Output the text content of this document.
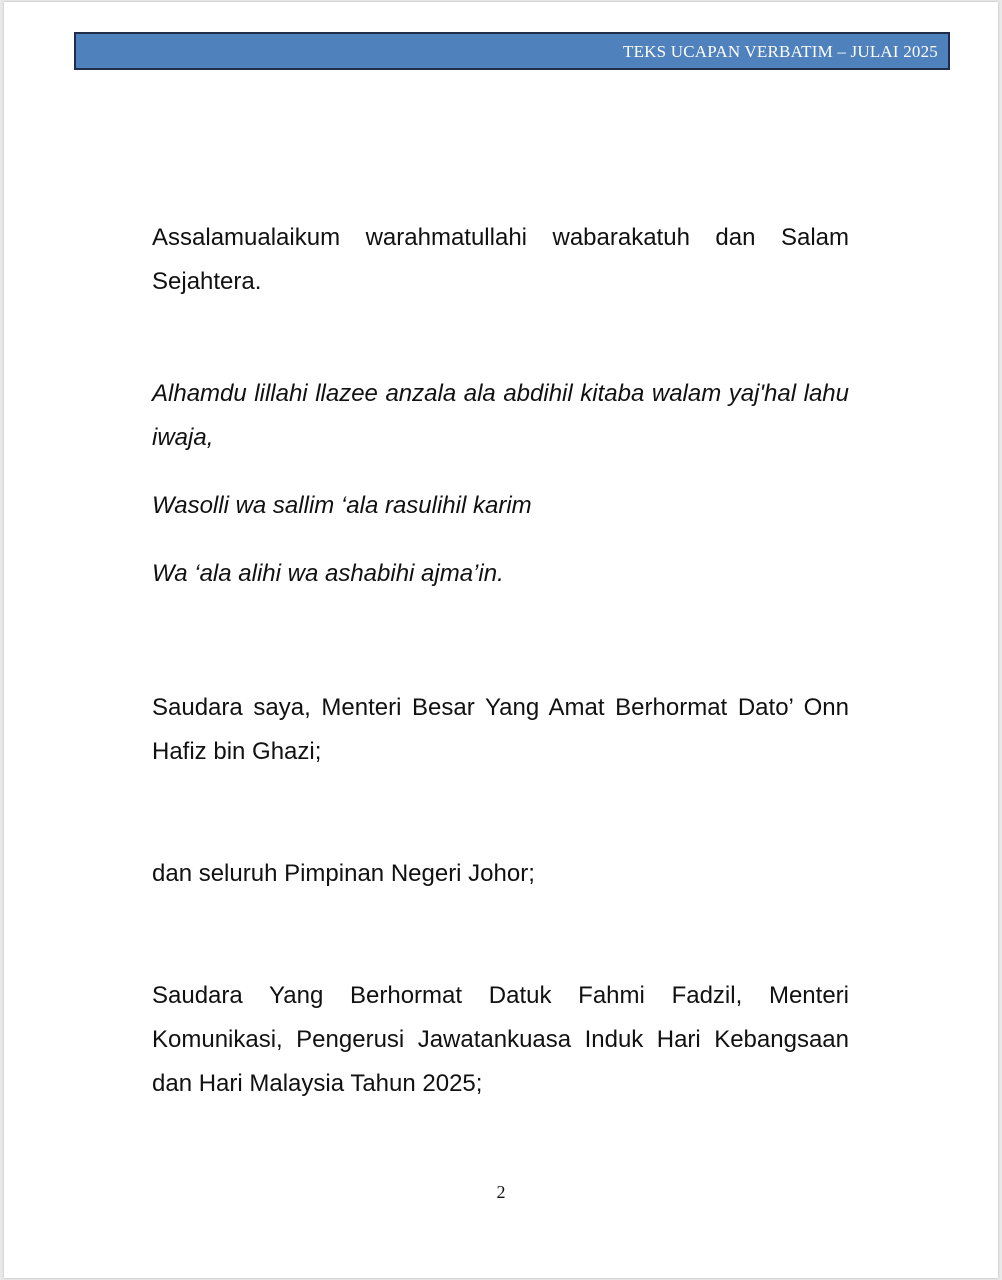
TEKS UCAPAN VERBATIM – JULAI 2025

Assalamualaikum warahmatullahi wabarakatuh dan Salam Sejahtera.

Alhamdu lillahi llazee anzala ala abdihil kitaba walam yaj'hal lahu iwaja,

Wasolli wa sallim ‘ala rasulihil karim

Wa ‘ala alihi wa ashabihi ajma’in.

Saudara saya, Menteri Besar Yang Amat Berhormat Dato’ Onn Hafiz bin Ghazi;

dan seluruh Pimpinan Negeri Johor;

Saudara Yang Berhormat Datuk Fahmi Fadzil, Menteri Komunikasi, Pengerusi Jawatankuasa Induk Hari Kebangsaan dan Hari Malaysia Tahun 2025;

2
